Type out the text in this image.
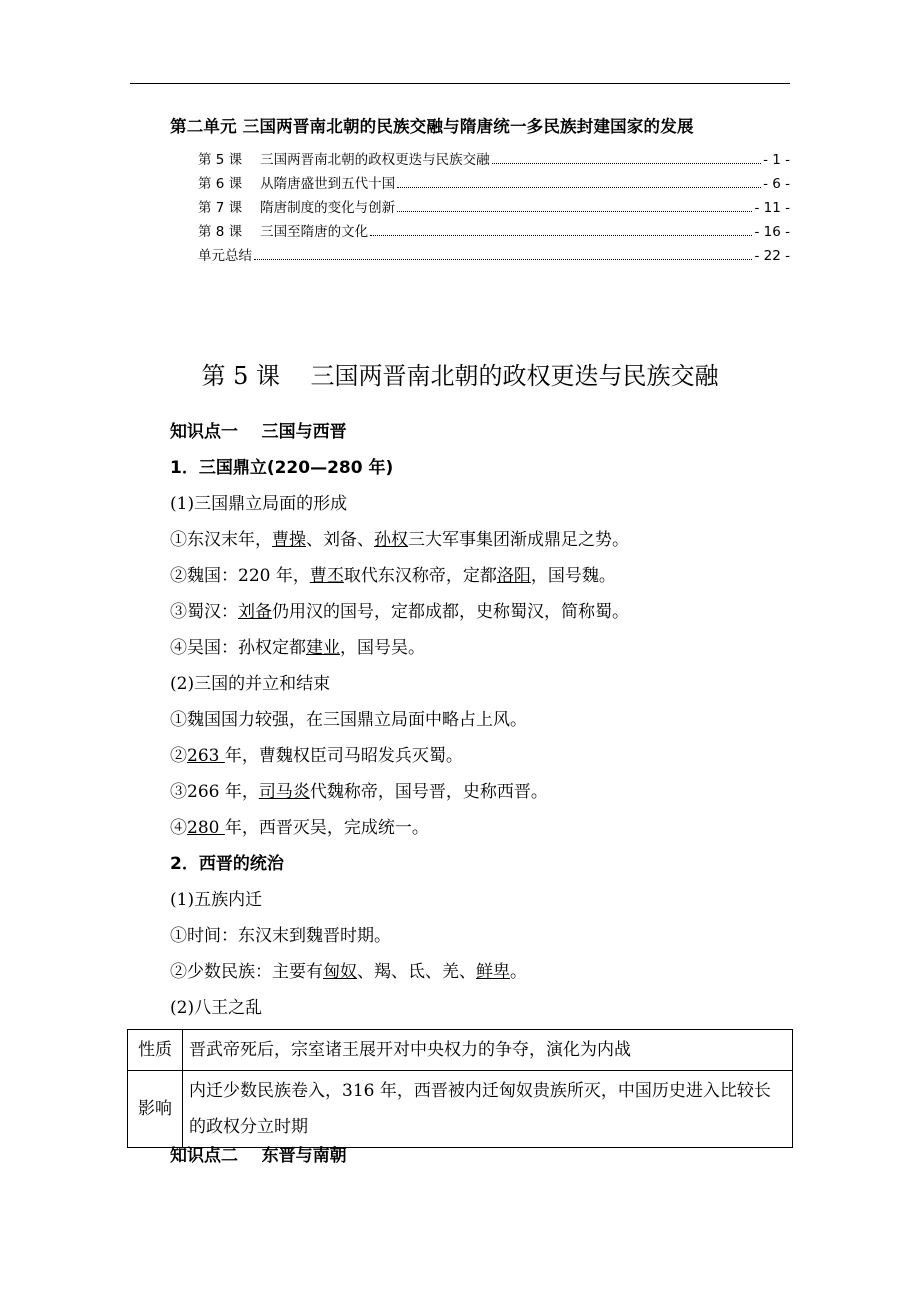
第二单元 三国两晋南北朝的民族交融与隋唐统一多民族封建国家的发展
第 5 课 三国两晋南北朝的政权更迭与民族交融	- 1 -
第 6 课 从隋唐盛世到五代十国	- 6 -
第 7 课 隋唐制度的变化与创新	- 11 -
第 8 课 三国至隋唐的文化	- 16 -
单元总结	- 22 -
第 5 课    三国两晋南北朝的政权更迭与民族交融
知识点一    三国与西晋
1．三国鼎立(220—280 年)
(1)三国鼎立局面的形成
①东汉末年，曹操、刘备、孙权三大军事集团渐成鼎足之势。
②魏国：220 年，曹丕取代东汉称帝，定都洛阳，国号魏。
③蜀汉：刘备仍用汉的国号，定都成都，史称蜀汉，简称蜀。
④吴国：孙权定都建业，国号吴。
(2)三国的并立和结束
①魏国国力较强，在三国鼎立局面中略占上风。
②263 年，曹魏权臣司马昭发兵灭蜀。
③266 年，司马炎代魏称帝，国号晋，史称西晋。
④280 年，西晋灭吴，完成统一。
2．西晋的统治
(1)五族内迁
①时间：东汉末到魏晋时期。
②少数民族：主要有匈奴、羯、氐、羌、鲜卑。
(2)八王之乱
性质	晋武帝死后，宗室诸王展开对中央权力的争夺，演化为内战
影响	内迁少数民族卷入，316 年，西晋被内迁匈奴贵族所灭，中国历史进入比较长的政权分立时期
知识点二    东晋与南朝
